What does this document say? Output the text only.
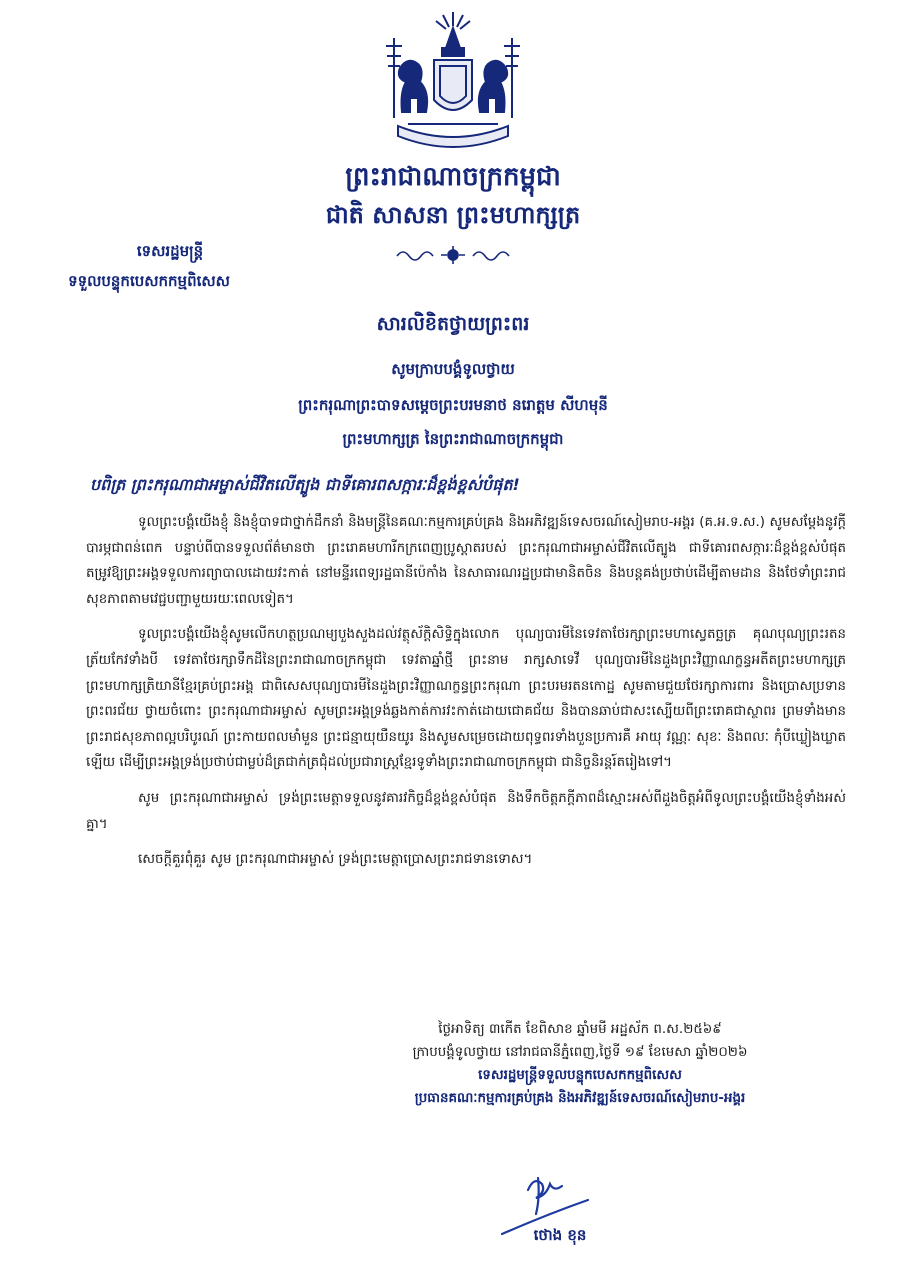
ព្រះរាជាណាចក្រកម្ពុជា
ជាតិ សាសនា ព្រះមហាក្សត្រ
ទេសរដ្ឋមន្ត្រី
ទទួលបន្ទុកបេសកកម្មពិសេស
សារលិខិតថ្វាយព្រះពរ
សូមក្រាបបង្គំទូលថ្វាយ
ព្រះករុណាព្រះបាទសម្តេចព្រះបរមនាថ នរោត្តម សីហមុនី
ព្រះមហាក្សត្រ នៃព្រះរាជាណាចក្រកម្ពុជា
បពិត្រ ព្រះករុណាជាអម្ចាស់ជីវិតលើត្បូង ជាទីគោរពសក្ការៈដ៏ខ្ពង់ខ្ពស់បំផុត!

ទូលព្រះបង្គំយើងខ្ញុំ និងខ្ញុំបាទជាថ្នាក់ដឹកនាំ និងមន្ត្រីនៃគណៈកម្មការគ្រប់គ្រង និងអភិវឌ្ឍន៍ទេសចរណ៍សៀមរាប-អង្គរ (គ.អ.ទ.ស.) សូមសម្តែងនូវក្តីបារម្ភជាពន់ពេក បន្ទាប់ពីបានទទួលព័ត៌មានថា ព្រះរោគមហារីកក្រពេញប្រូស្តាតរបស់ ព្រះករុណាជាអម្ចាស់ជីវិតលើត្បូង ជាទីគោរពសក្ការៈដ៏ខ្ពង់ខ្ពស់បំផុត តម្រូវឱ្យព្រះអង្គទទួលការព្យាបាលដោយវះកាត់ នៅមន្ទីរពេទ្យរដ្ឋធានីប៉េកាំង នៃសាធារណរដ្ឋប្រជាមានិតចិន និងបន្តគង់ប្រថាប់ដើម្បីតាមដាន និងថែទាំព្រះរាជសុខភាពតាមវេជ្ជបញ្ជាមួយរយៈពេលទៀត។

ទូលព្រះបង្គំយើងខ្ញុំសូមលើកហត្ថប្រណម្យបួងសួងដល់វត្ថុស័ក្តិសិទ្ធិក្នុងលោក បុណ្យបារមីនៃទេវតាថែរក្សាព្រះមហាស្វេតច្ឆត្រ គុណបុណ្យព្រះរតនត្រ័យកែវទាំងបី ទេវតាថែរក្សាទឹកដីនៃព្រះរាជាណាចក្រកម្ពុជា ទេវតាឆ្នាំថ្មី ព្រះនាម រាក្សសាទេវី បុណ្យបារមីនៃដួងព្រះវិញ្ញាណក្ខន្ធអតីតព្រះមហាក្សត្រ ព្រះមហាក្សត្រិយានីខ្មែរគ្រប់ព្រះអង្គ ជាពិសេសបុណ្យបារមីនៃដួងព្រះវិញ្ញាណក្ខន្ធព្រះករុណា ព្រះបរមរតនកោដ្ឋ សូមតាមជួយថែរក្សាការពារ និងប្រោសប្រទានព្រះពរជ័យ ថ្វាយចំពោះ ព្រះករុណាជាអម្ចាស់ សូមព្រះអង្គទ្រង់ឆ្លងកាត់ការវះកាត់ដោយជោគជ័យ និងបានឆាប់ជាសះស្បើយពីព្រះរោគជាស្ថាពរ ព្រមទាំងមានព្រះរាជសុខភាពល្អបរិបូរណ៍ ព្រះកាយពលមាំមួន ព្រះជន្មាយុយឺនយូរ និងសូមសម្រេចដោយពុទ្ធពរទាំងបួនប្រការគឺ អាយុ វណ្ណៈ សុខៈ និងពលៈ កុំបីឃ្លៀងឃ្លាតឡើយ ដើម្បីព្រះអង្គទ្រង់ប្រថាប់ជាម្លប់ដ៏ត្រជាក់ត្រជុំដល់ប្រជារាស្ត្រខ្មែរទូទាំងព្រះរាជាណាចក្រកម្ពុជា ជានិច្ចនិរន្តរ៍តរៀងទៅ។

សូម ព្រះករុណាជាអម្ចាស់ ទ្រង់ព្រះមេត្តាទទួលនូវគារវកិច្ចដ៏ខ្ពង់ខ្ពស់បំផុត និងទឹកចិត្តភក្តីភាពដ៏ស្មោះអស់ពីដួងចិត្តអំពីទូលព្រះបង្គំយើងខ្ញុំទាំងអស់គ្នា។

សេចក្តីគួរពុំគួរ សូម ព្រះករុណាជាអម្ចាស់ ទ្រង់ព្រះមេត្តាប្រោសព្រះរាជទានទោស។

ថ្ងៃអាទិត្យ ៣កើត ខែពិសាខ ឆ្នាំមមី អដ្ឋស័ក ព.ស.២៥៦៩
ក្រាបបង្គំទូលថ្វាយ នៅរាជធានីភ្នំពេញ,ថ្ងៃទី ១៩ ខែមេសា ឆ្នាំ២០២៦
ទេសរដ្ឋមន្ត្រីទទួលបន្ទុកបេសកកម្មពិសេស
ប្រធានគណៈកម្មការគ្រប់គ្រង និងអភិវឌ្ឍន៍ទេសចរណ៍សៀមរាប-អង្គរ
ថោង ខុន
